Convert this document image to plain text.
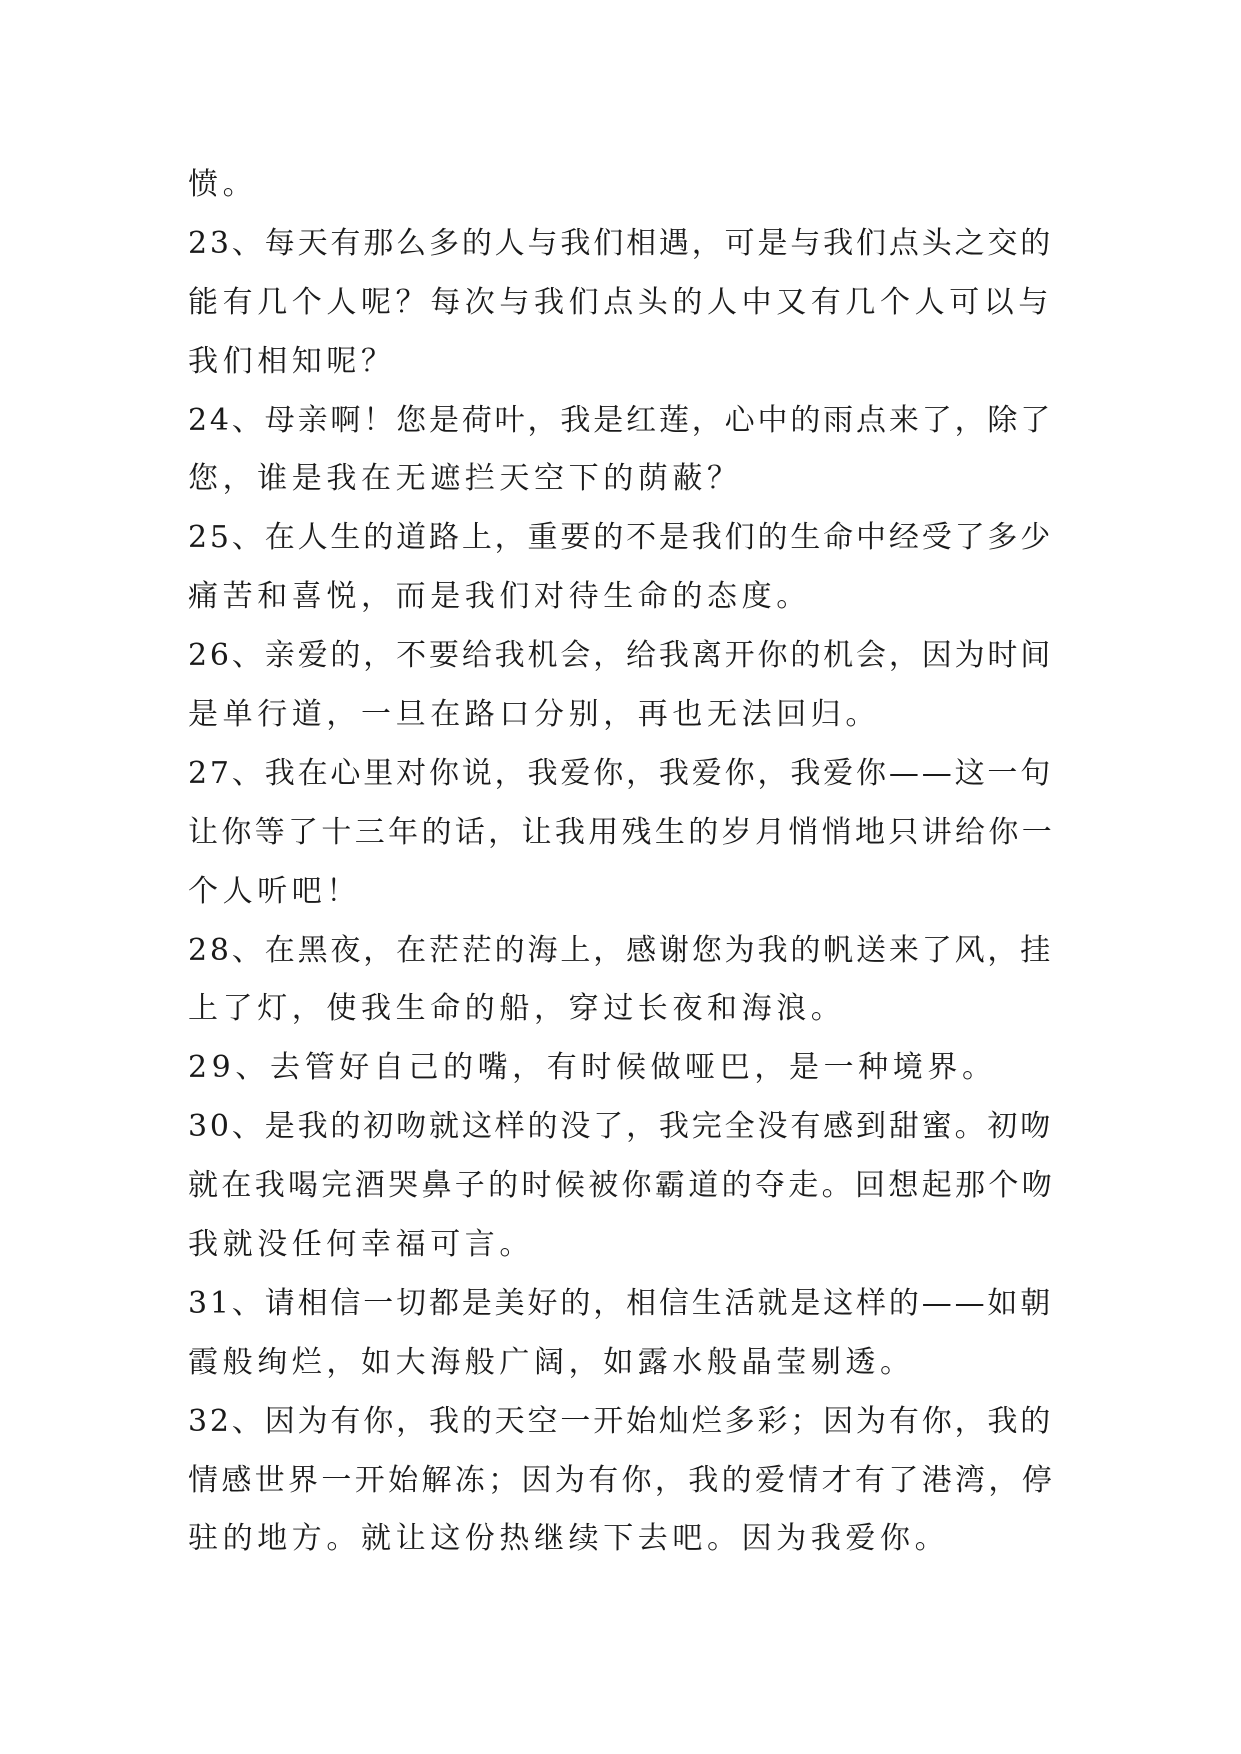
愤。
23、每天有那么多的人与我们相遇，可是与我们点头之交的
能有几个人呢？每次与我们点头的人中又有几个人可以与
我们相知呢？
24、母亲啊！您是荷叶，我是红莲，心中的雨点来了，除了
您，谁是我在无遮拦天空下的荫蔽？
25、在人生的道路上，重要的不是我们的生命中经受了多少
痛苦和喜悦，而是我们对待生命的态度。
26、亲爱的，不要给我机会，给我离开你的机会，因为时间
是单行道，一旦在路口分别，再也无法回归。
27、我在心里对你说，我爱你，我爱你，我爱你——这一句
让你等了十三年的话，让我用残生的岁月悄悄地只讲给你一
个人听吧！
28、在黑夜，在茫茫的海上，感谢您为我的帆送来了风，挂
上了灯，使我生命的船，穿过长夜和海浪。
29、去管好自己的嘴，有时候做哑巴，是一种境界。
30、是我的初吻就这样的没了，我完全没有感到甜蜜。初吻
就在我喝完酒哭鼻子的时候被你霸道的夺走。回想起那个吻
我就没任何幸福可言。
31、请相信一切都是美好的，相信生活就是这样的——如朝
霞般绚烂，如大海般广阔，如露水般晶莹剔透。
32、因为有你，我的天空一开始灿烂多彩；因为有你，我的
情感世界一开始解冻；因为有你，我的爱情才有了港湾，停
驻的地方。就让这份热继续下去吧。因为我爱你。
